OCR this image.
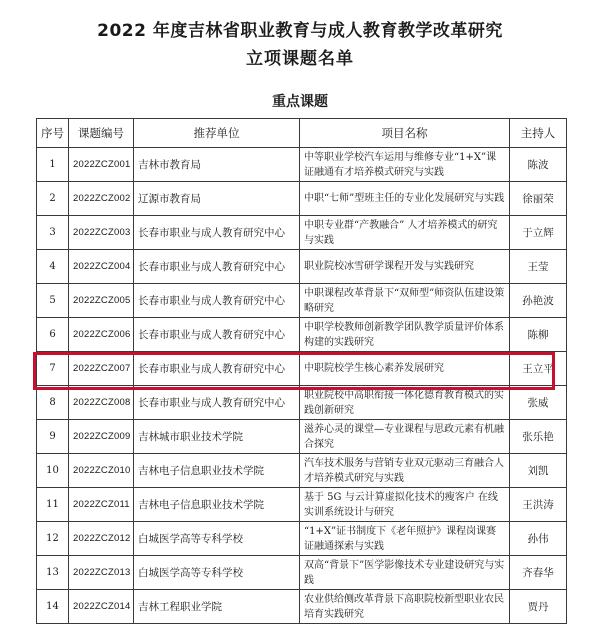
2022 年度吉林省职业教育与成人教育教学改革研究
立项课题名单
重点课题
序号	课题编号	推荐单位	项目名称	主持人
1	2022ZCZ001	吉林市教育局	中等职业学校汽车运用与维修专业“1+X”课证融通有才培养模式研究与实践	陈波
2	2022ZCZ002	辽源市教育局	中职“七师”型班主任的专业化发展研究与实践	徐丽荣
3	2022ZCZ003	长春市职业与成人教育研究中心	中职专业群“产教融合” 人才培养模式的研究与实践	于立辉
4	2022ZCZ004	长春市职业与成人教育研究中心	职业院校冰雪研学课程开发与实践研究	王莹
5	2022ZCZ005	长春市职业与成人教育研究中心	中职课程改革背景下“双师型”师资队伍建设策略研究	孙艳波
6	2022ZCZ006	长春市职业与成人教育研究中心	中职学校教师创新教学团队教学质量评价体系构建的实践研究	陈柳
7	2022ZCZ007	长春市职业与成人教育研究中心	中职院校学生核心素养发展研究	王立平
8	2022ZCZ008	长春市职业与成人教育研究中心	职业院校中高职衔接一体化德育教育模式的实践创新研究	张威
9	2022ZCZ009	吉林城市职业技术学院	滋养心灵的课堂—专业课程与思政元素有机融合探究	张乐艳
10	2022ZCZ010	吉林电子信息职业技术学院	汽车技术服务与营销专业双元驱动三育融合人才培养模式研究与实践	刘凯
11	2022ZCZ011	吉林电子信息职业技术学院	基于 5G 与云计算虚拟化技术的瘦客户 在线实训系统设计与研究	王洪涛
12	2022ZCZ012	白城医学高等专科学校	“1+X”证书制度下《老年照护》课程岗课赛证融通探索与实践	孙伟
13	2022ZCZ013	白城医学高等专科学校	双高“背景下”医学影像技术专业建设研究与实践	齐春华
14	2022ZCZ014	吉林工程职业学院	农业供给侧改革背景下高职院校新型职业农民培育实践研究	贾丹
